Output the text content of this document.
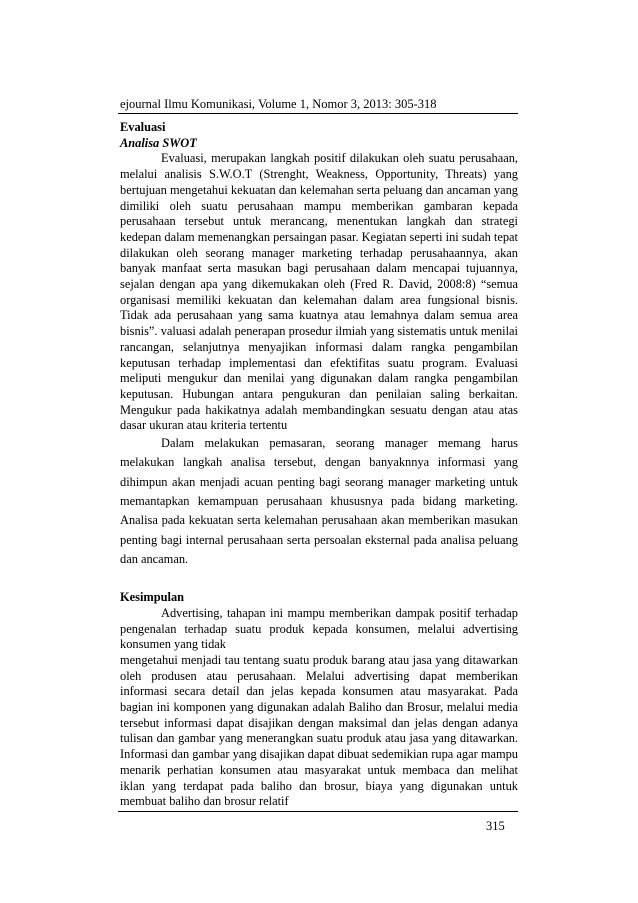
ejournal Ilmu Komunikasi, Volume 1, Nomor 3, 2013: 305-318

Evaluasi

Analisa SWOT

Evaluasi, merupakan langkah positif dilakukan oleh suatu perusahaan, melalui analisis S.W.O.T (Strenght, Weakness, Opportunity, Threats) yang bertujuan mengetahui kekuatan dan kelemahan serta peluang dan ancaman yang dimiliki oleh suatu perusahaan mampu memberikan gambaran kepada perusahaan tersebut untuk merancang, menentukan langkah dan strategi kedepan dalam memenangkan persaingan pasar. Kegiatan seperti ini sudah tepat dilakukan oleh seorang manager marketing terhadap perusahaannya, akan banyak manfaat serta masukan bagi perusahaan dalam mencapai tujuannya, sejalan dengan apa yang dikemukakan oleh (Fred R. David, 2008:8) “semua organisasi memiliki kekuatan dan kelemahan dalam area fungsional bisnis. Tidak ada perusahaan yang sama kuatnya atau lemahnya dalam semua area bisnis”. valuasi adalah penerapan prosedur ilmiah yang sistematis untuk menilai rancangan, selanjutnya menyajikan informasi dalam rangka pengambilan keputusan terhadap implementasi dan efektifitas suatu program. Evaluasi meliputi mengukur dan menilai yang digunakan dalam rangka pengambilan keputusan. Hubungan antara pengukuran dan penilaian saling berkaitan. Mengukur pada hakikatnya adalah membandingkan sesuatu dengan atau atas dasar ukuran atau kriteria tertentu

Dalam melakukan pemasaran, seorang manager memang harus melakukan langkah analisa tersebut, dengan banyaknnya informasi yang dihimpun akan menjadi acuan penting bagi seorang manager marketing untuk memantapkan kemampuan perusahaan khususnya pada bidang marketing. Analisa pada kekuatan serta kelemahan perusahaan akan memberikan masukan penting bagi internal perusahaan serta persoalan eksternal pada analisa peluang dan ancaman.

Kesimpulan

Advertising, tahapan ini mampu memberikan dampak positif terhadap pengenalan terhadap suatu produk kepada konsumen, melalui advertising konsumen yang tidak

mengetahui menjadi tau tentang suatu produk barang atau jasa yang ditawarkan oleh produsen atau perusahaan. Melalui advertising dapat memberikan informasi secara detail dan jelas kepada konsumen atau masyarakat. Pada bagian ini komponen yang digunakan adalah Baliho dan Brosur, melalui media tersebut informasi dapat disajikan dengan maksimal dan jelas dengan adanya tulisan dan gambar yang menerangkan suatu produk atau jasa yang ditawarkan. Informasi dan gambar yang disajikan dapat dibuat sedemikian rupa agar mampu menarik perhatian konsumen atau masyarakat untuk membaca dan melihat iklan yang terdapat pada baliho dan brosur, biaya yang digunakan untuk membuat baliho dan brosur relatif

315
